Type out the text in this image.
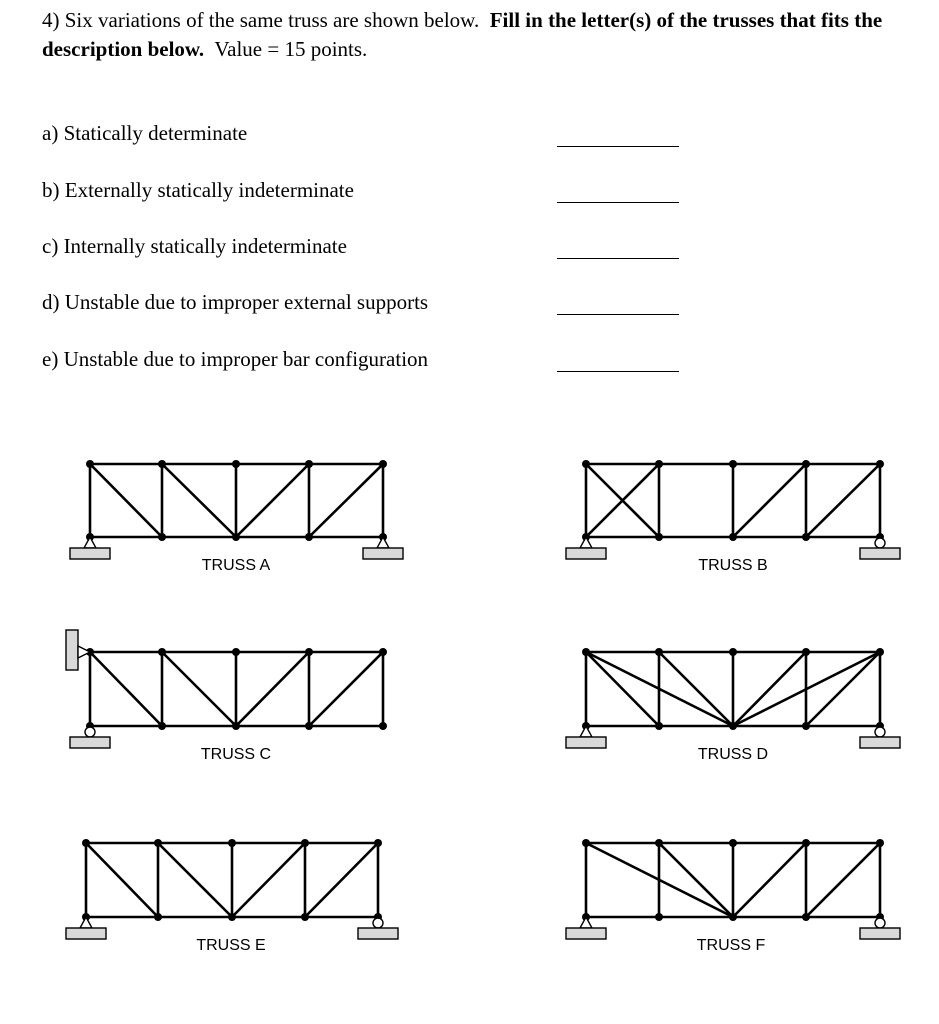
4) Six variations of the same truss are shown below. Fill in the letter(s) of the trusses that fits the description below. Value = 15 points.
a) Statically determinate
b) Externally statically indeterminate
c) Internally statically indeterminate
d) Unstable due to improper external supports
e) Unstable due to improper bar configuration
TRUSS A	TRUSS B
TRUSS C	TRUSS D
TRUSS E	TRUSS F
